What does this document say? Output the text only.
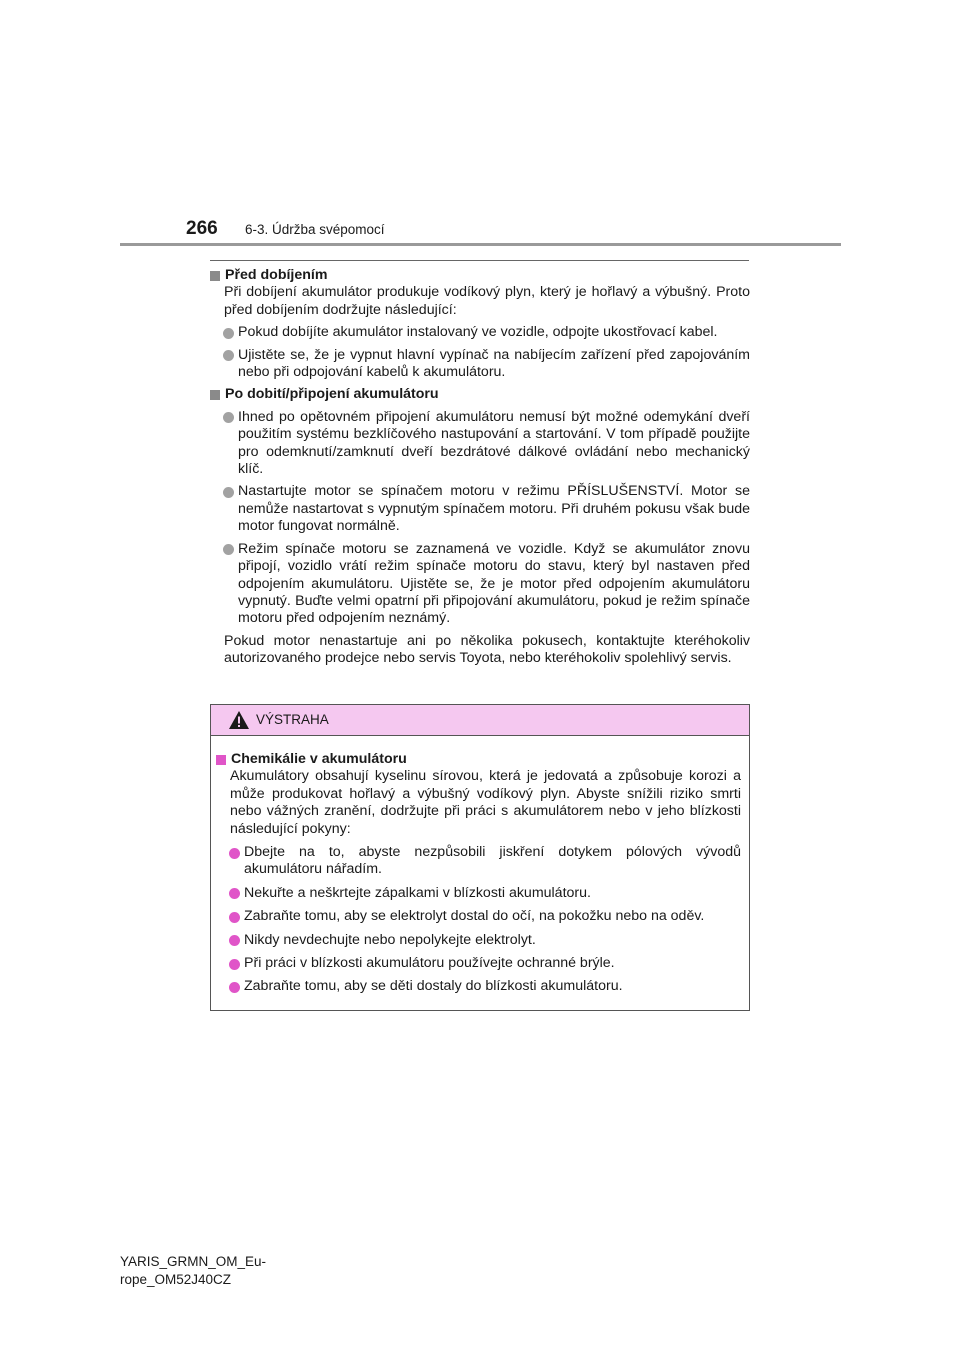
266 6-3. Údržba svépomocí
Před dobíjením
Při dobíjení akumulátor produkuje vodíkový plyn, který je hořlavý a výbušný. Proto před dobíjením dodržujte následující:
Pokud dobíjíte akumulátor instalovaný ve vozidle, odpojte ukostřovací kabel.
Ujistěte se, že je vypnut hlavní vypínač na nabíjecím zařízení před zapojováním nebo při odpojování kabelů k akumulátoru.
Po dobití/připojení akumulátoru
Ihned po opětovném připojení akumulátoru nemusí být možné odemykání dveří použitím systému bezklíčového nastupování a startování. V tom případě použijte pro odemknutí/zamknutí dveří bezdrátové dálkové ovládání nebo mechanický klíč.
Nastartujte motor se spínačem motoru v režimu PŘÍSLUŠENSTVÍ. Motor se nemůže nastartovat s vypnutým spínačem motoru. Při druhém pokusu však bude motor fungovat normálně.
Režim spínače motoru se zaznamená ve vozidle. Když se akumulátor znovu připojí, vozidlo vrátí režim spínače motoru do stavu, který byl nastaven před odpojením akumulátoru. Ujistěte se, že je motor před odpojením akumulátoru vypnutý. Buďte velmi opatrní při připojování akumulátoru, pokud je režim spínače motoru před odpojením neznámý.
Pokud motor nenastartuje ani po několika pokusech, kontaktujte kteréhokoliv autorizovaného prodejce nebo servis Toyota, nebo kteréhokoliv spolehlivý servis.
VÝSTRAHA
Chemikálie v akumulátoru
Akumulátory obsahují kyselinu sírovou, která je jedovatá a způsobuje korozi a může produkovat hořlavý a výbušný vodíkový plyn. Abyste snížili riziko smrti nebo vážných zranění, dodržujte při práci s akumulátorem nebo v jeho blízkosti následující pokyny:
Dbejte na to, abyste nezpůsobili jiskření dotykem pólových vývodů akumulátoru nářadím.
Nekuřte a neškrtejte zápalkami v blízkosti akumulátoru.
Zabraňte tomu, aby se elektrolyt dostal do očí, na pokožku nebo na oděv.
Nikdy nevdechujte nebo nepolykejte elektrolyt.
Při práci v blízkosti akumulátoru používejte ochranné brýle.
Zabraňte tomu, aby se děti dostaly do blízkosti akumulátoru.
YARIS_GRMN_OM_Eu-
rope_OM52J40CZ
